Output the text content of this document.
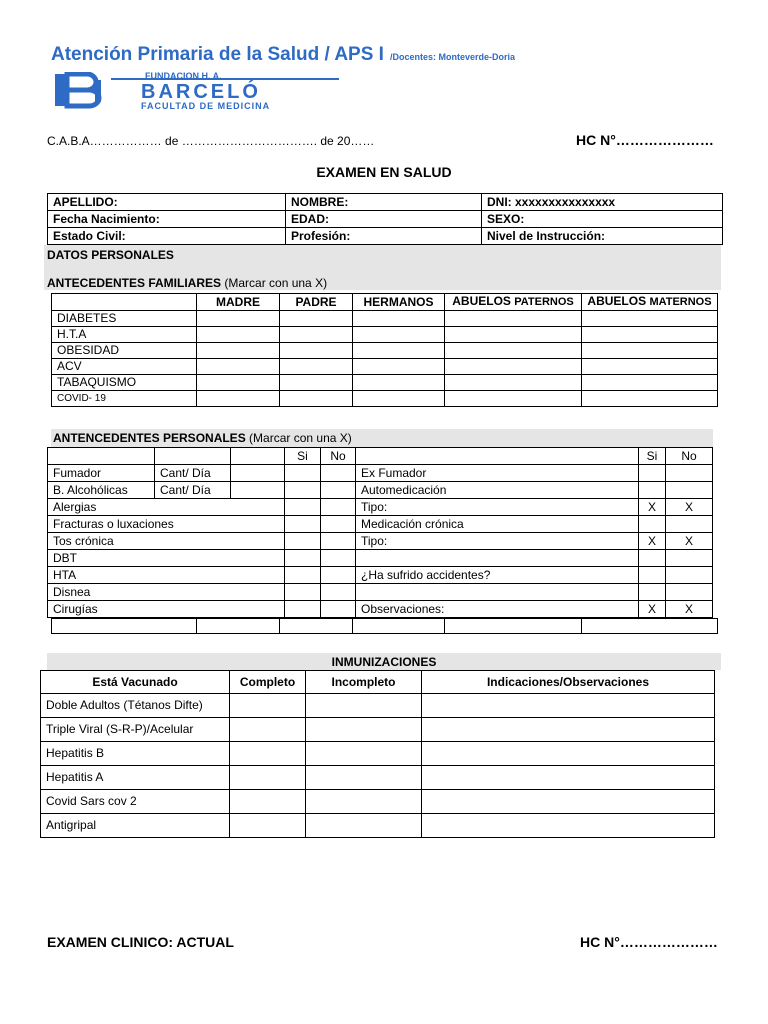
Atención Primaria de la Salud / APS I /Docentes: Monteverde-Doria
FUNDACION H. A.
BARCELÓ
FACULTAD DE MEDICINA
C.A.B.A……………… de ……………………………. de 20……	HC N°…………………
EXAMEN EN SALUD
APELLIDO:	NOMBRE:	DNI: xxxxxxxxxxxxxxx
Fecha Nacimiento:	EDAD:	SEXO:
Estado Civil:	Profesión:	Nivel de Instrucción:
DATOS PERSONALES
ANTECEDENTES FAMILIARES (Marcar con una X)
	MADRE	PADRE	HERMANOS	ABUELOS PATERNOS	ABUELOS MATERNOS
DIABETES					
H.T.A					
OBESIDAD					
ACV					
TABAQUISMO					
COVID- 19					
ANTENCEDENTES PERSONALES (Marcar con una X)
			Si	No		Si	No
Fumador	Cant/ Día				Ex Fumador		
B. Alcohólicas	Cant/ Día				Automedicación		
Alergias					Tipo:	X	X
Fracturas o luxaciones					Medicación crónica		
Tos crónica					Tipo:	X	X
DBT							
HTA					¿Ha sufrido accidentes?		
Disnea							
Cirugías					Observaciones:	X	X

INMUNIZACIONES
Está Vacunado	Completo	Incompleto	Indicaciones/Observaciones
Doble Adultos (Tétanos Difte)			
Triple Viral (S-R-P)/Acelular			
Hepatitis B			
Hepatitis A			
Covid Sars cov 2			
Antigripal			
EXAMEN CLINICO: ACTUAL	HC N°…………………
